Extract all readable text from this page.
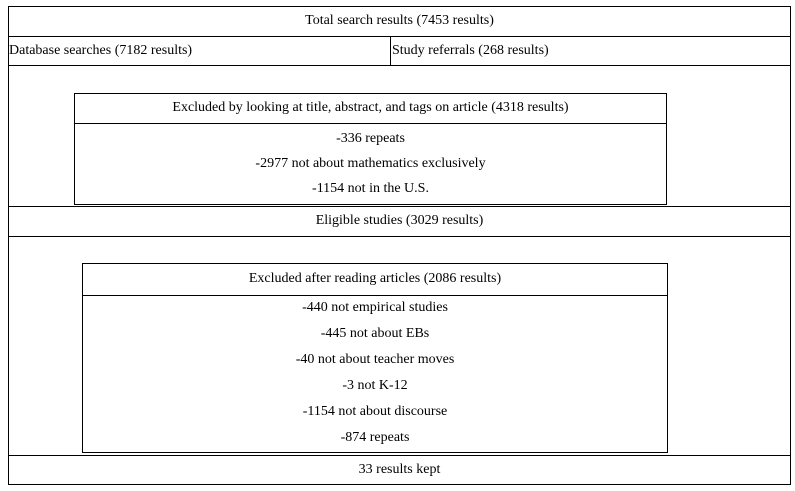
Total search results (7453 results)
Database searches (7182 results)	Study referrals (268 results)
Excluded by looking at title, abstract, and tags on article (4318 results)
-336 repeats
-2977 not about mathematics exclusively
-1154 not in the U.S.
Eligible studies (3029 results)
Excluded after reading articles (2086 results)
-440 not empirical studies
-445 not about EBs
-40 not about teacher moves
-3 not K-12
-1154 not about discourse
-874 repeats
33 results kept
